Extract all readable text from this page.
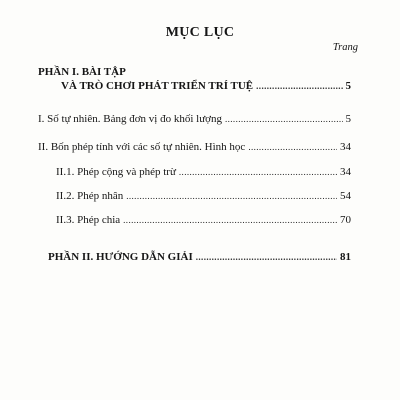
MỤC LỤC
Trang
PHẦN I. BÀI TẬP
VÀ TRÒ CHƠI PHÁT TRIỂN TRÍ TUỆ .....	5
I. Số tự nhiên. Bảng đơn vị đo khối lượng .....	5
II. Bốn phép tính với các số tự nhiên. Hình học .....	34
II.1. Phép cộng và phép trừ .....	34
II.2. Phép nhân .....	54
II.3. Phép chia .....	70
PHẦN II. HƯỚNG DẪN GIẢI .....	81
